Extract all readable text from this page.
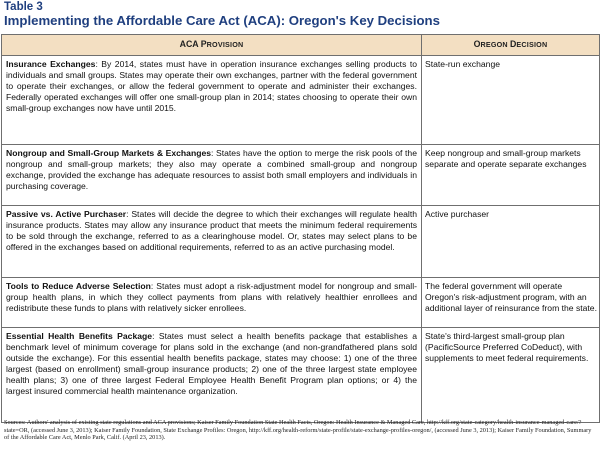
Table 3
Implementing the Affordable Care Act (ACA): Oregon's Key Decisions
ACA PROVISION	OREGON DECISION
Insurance Exchanges: By 2014, states must have in operation insurance exchanges selling products to individuals and small groups. States may operate their own exchanges, partner with the federal government to operate their exchanges, or allow the federal government to operate and administer their exchanges. Federally operated exchanges will offer one small-group plan in 2014; states choosing to operate their own small-group exchanges now have until 2015.	State-run exchange
Nongroup and Small-Group Markets & Exchanges: States have the option to merge the risk pools of the nongroup and small-group markets; they also may operate a combined small-group and nongroup exchange, provided the exchange has adequate resources to assist both small employers and individuals in purchasing coverage.	Keep nongroup and small-group markets separate and operate separate exchanges
Passive vs. Active Purchaser: States will decide the degree to which their exchanges will regulate health insurance products. States may allow any insurance product that meets the minimum federal requirements to be sold through the exchange, referred to as a clearinghouse model. Or, states may select plans to be offered in the exchanges based on additional requirements, referred to as an active purchasing model.	Active purchaser
Tools to Reduce Adverse Selection: States must adopt a risk-adjustment model for nongroup and small-group health plans, in which they collect payments from plans with relatively healthier enrollees and redistribute these funds to plans with relatively sicker enrollees.	The federal government will operate Oregon's risk-adjustment program, with an additional layer of reinsurance from the state.
Essential Health Benefits Package: States must select a health benefits package that establishes a benchmark level of minimum coverage for plans sold in the exchange (and non-grandfathered plans sold outside the exchange). For this essential health benefits package, states may choose: 1) one of the three largest (based on enrollment) small-group insurance products; 2) one of the three largest state employee health plans; 3) one of three largest Federal Employee Health Benefit Program plan options; or 4) the largest insured commercial health maintenance organization.	State's third-largest small-group plan (PacificSource Preferred CoDeduct), with supplements to meet federal requirements.
Sources: Authors' analysis of existing state regulations and ACA provisions; Kaiser Family Foundation State Health Facts, Oregon: Health Insurance & Managed Care, http://kff.org/state-category/health-insurance-managed-care/?state=OR, (accessed June 3, 2013); Kaiser Family Foundation, State Exchange Profiles: Oregon, http://kff.org/health-reform/state-profile/state-exchange-profiles-oregon/, (accessed June 3, 2013); Kaiser Family Foundation, Summary of the Affordable Care Act, Menlo Park, Calif. (April 23, 2013).
